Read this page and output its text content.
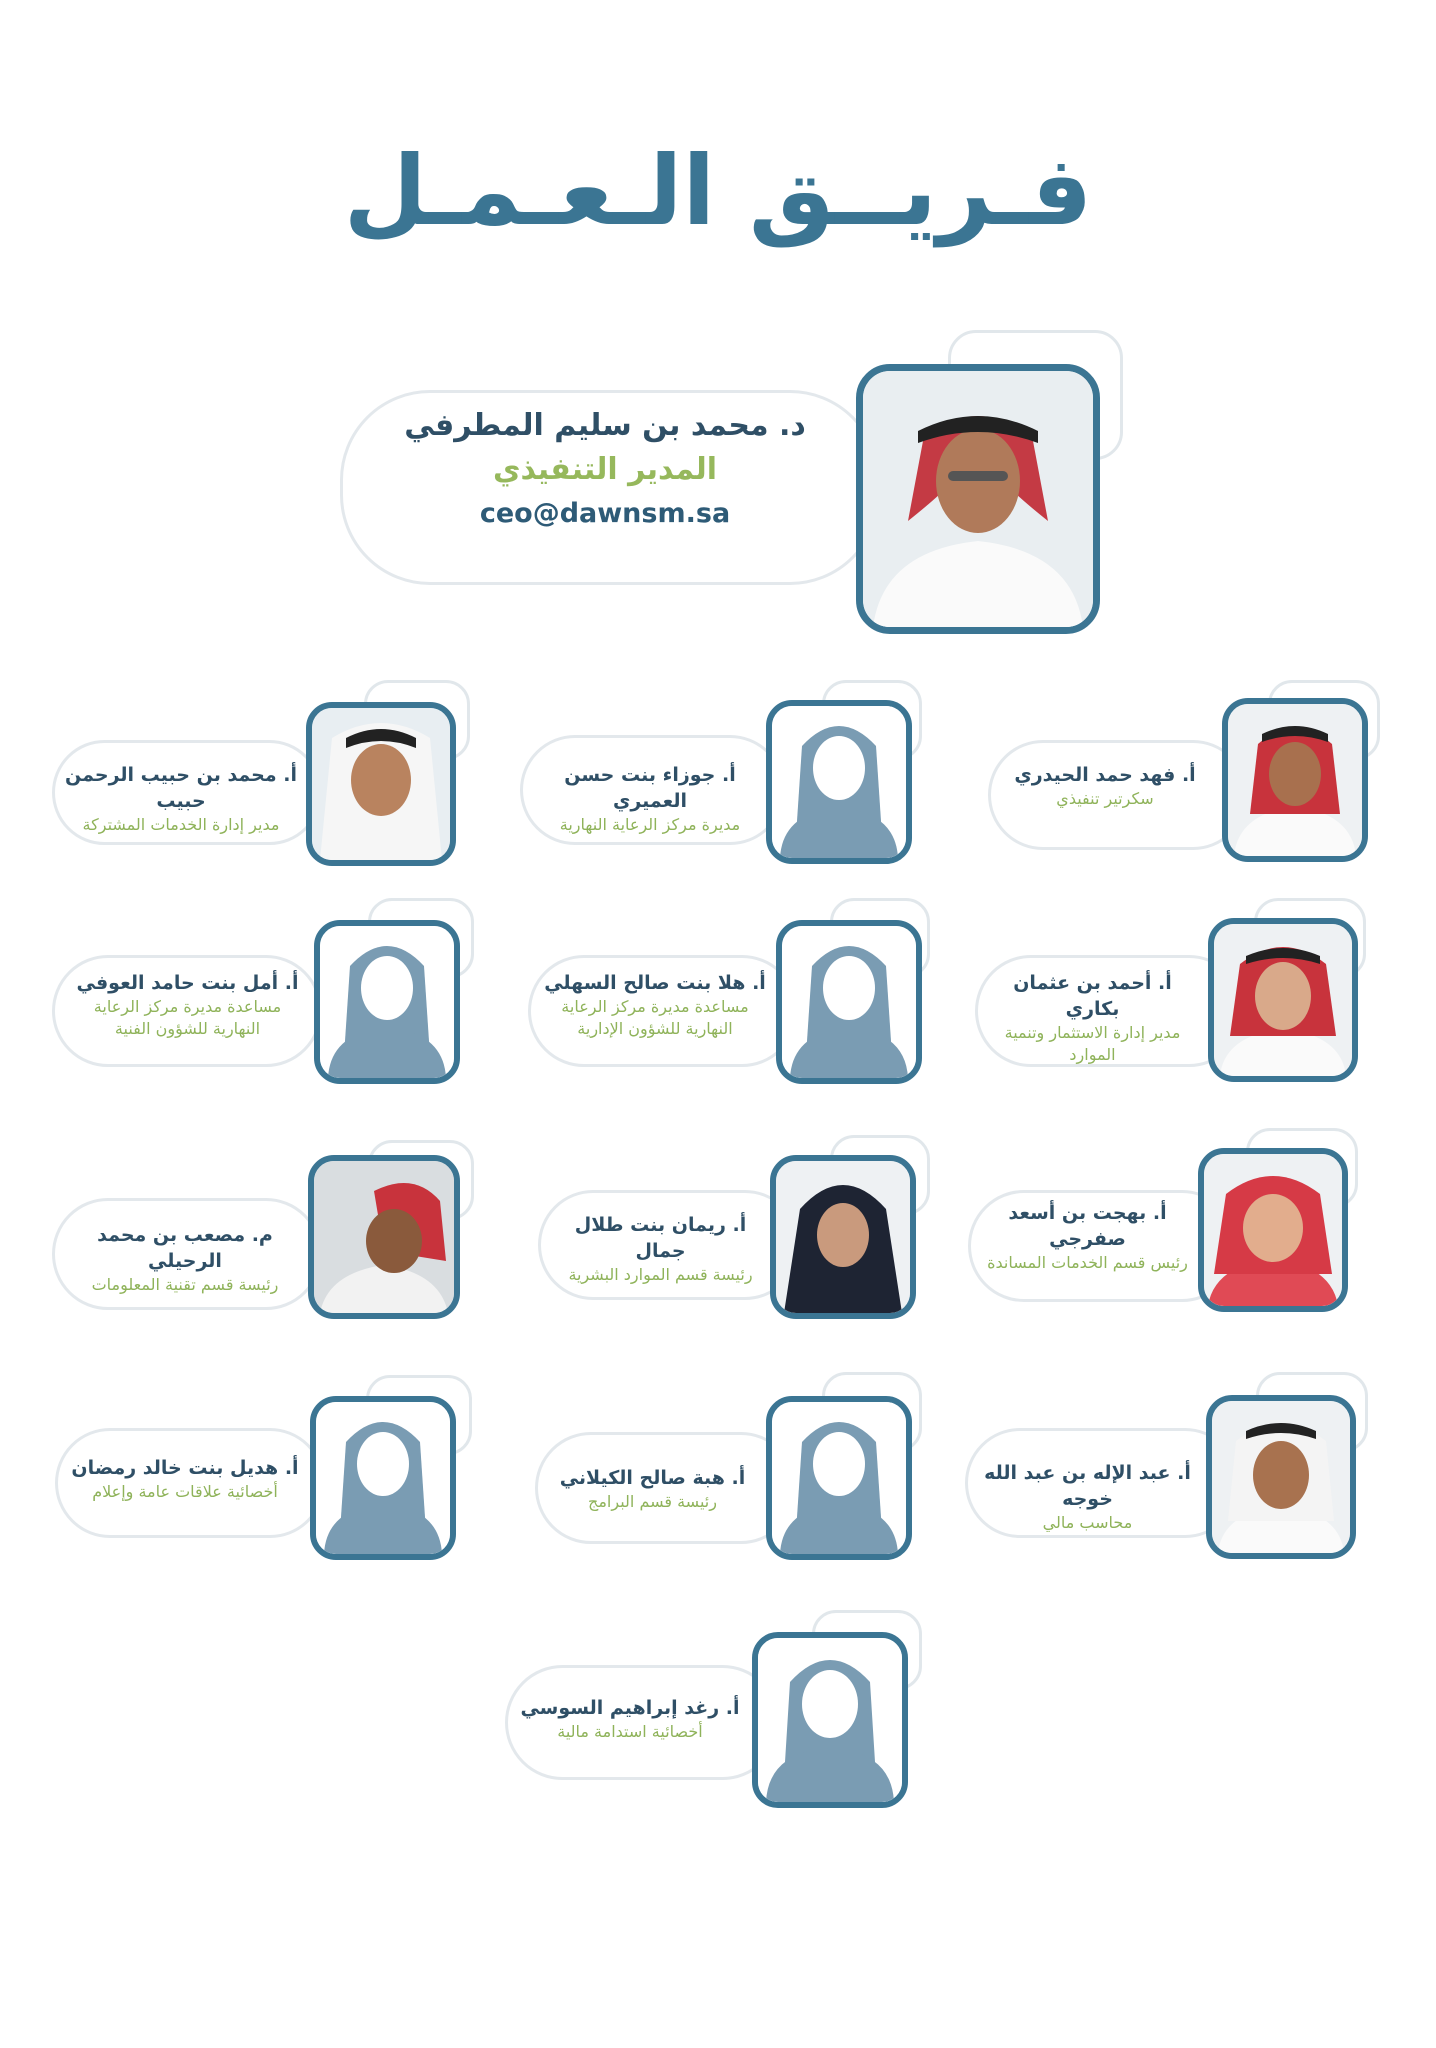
فـريــق الـعـمـل
د. محمد بن سليم المطرفي
المدير التنفيذي
ceo@dawnsm.sa
أ. فهد حمد الحيدري
سكرتير تنفيذي
أ. جوزاء بنت حسن العميري
مديرة مركز الرعاية النهارية
أ. محمد بن حبيب الرحمن حبيب
مدير إدارة الخدمات المشتركة
أ. أحمد بن عثمان بكاري
مدير إدارة الاستثمار وتنمية الموارد
أ. هلا بنت صالح السهلي
مساعدة مديرة مركز الرعاية النهارية للشؤون الإدارية
أ. أمل بنت حامد العوفي
مساعدة مديرة مركز الرعاية النهارية للشؤون الفنية
أ. بهجت بن أسعد صفرجي
رئيس قسم الخدمات المساندة
أ. ريمان بنت طلال جمال
رئيسة قسم الموارد البشرية
م. مصعب بن محمد الرحيلي
رئيسة قسم تقنية المعلومات
أ. عبد الإله بن عبد الله خوجه
محاسب مالي
أ. هبة صالح الكيلاني
رئيسة قسم البرامج
أ. هديل بنت خالد رمضان
أخصائية علاقات عامة وإعلام
أ. رغد إبراهيم السوسي
أخصائية استدامة مالية
